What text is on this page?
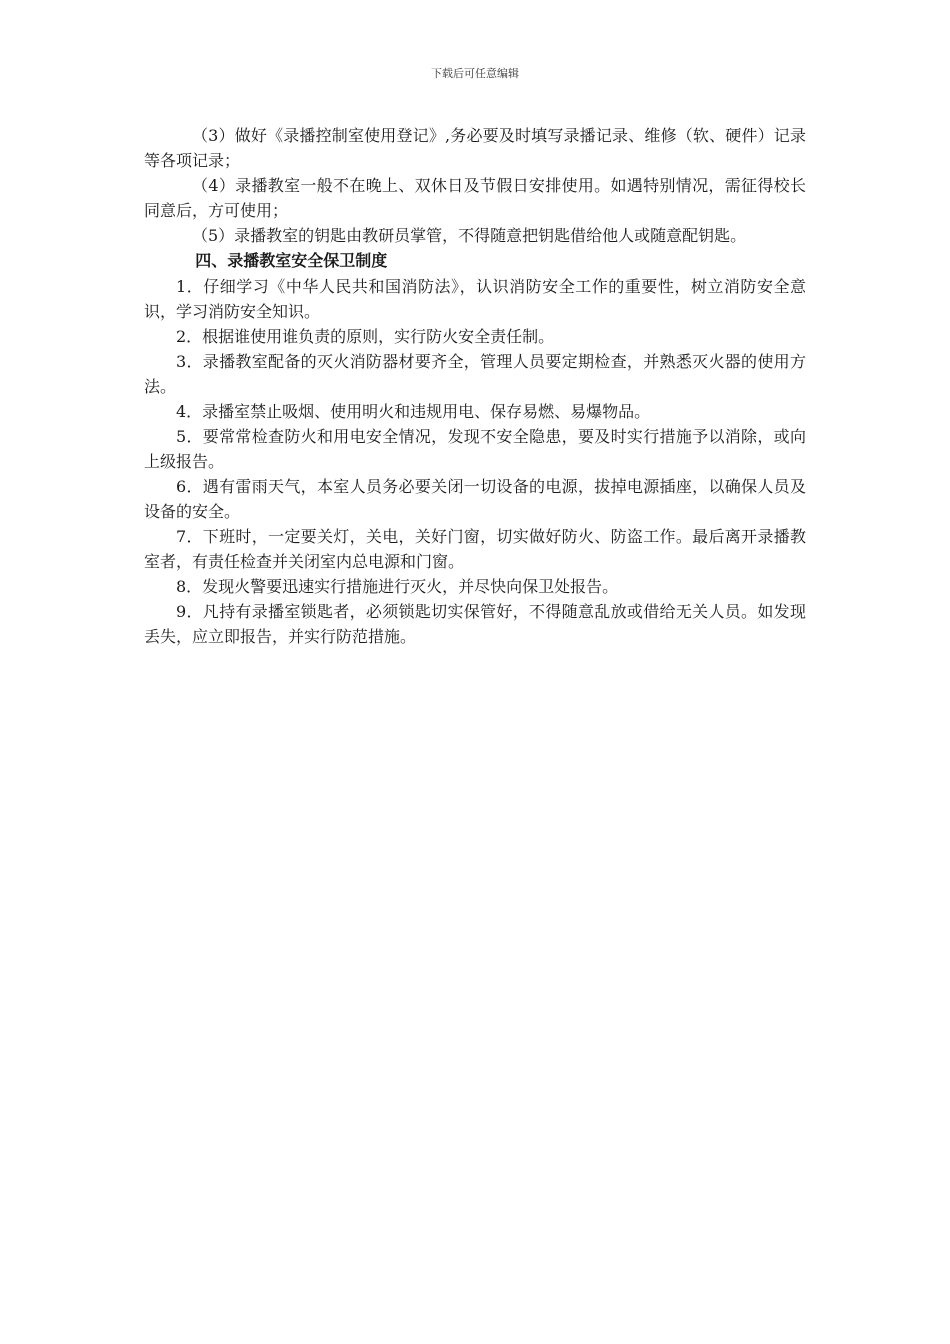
下载后可任意编辑

（3）做好《录播控制室使用登记》,务必要及时填写录播记录、维修（软、硬件）记录等各项记录；

（4）录播教室一般不在晚上、双休日及节假日安排使用。如遇特别情况，需征得校长同意后，方可使用；

（5）录播教室的钥匙由教研员掌管，不得随意把钥匙借给他人或随意配钥匙。

四、录播教室安全保卫制度

1．仔细学习《中华人民共和国消防法》，认识消防安全工作的重要性，树立消防安全意识，学习消防安全知识。

2．根据谁使用谁负责的原则，实行防火安全责任制。

3．录播教室配备的灭火消防器材要齐全，管理人员要定期检查，并熟悉灭火器的使用方法。

4．录播室禁止吸烟、使用明火和违规用电、保存易燃、易爆物品。

5．要常常检查防火和用电安全情况，发现不安全隐患，要及时实行措施予以消除，或向上级报告。

6．遇有雷雨天气，本室人员务必要关闭一切设备的电源，拔掉电源插座，以确保人员及设备的安全。

7．下班时，一定要关灯，关电，关好门窗，切实做好防火、防盗工作。最后离开录播教室者，有责任检查并关闭室内总电源和门窗。

8．发现火警要迅速实行措施进行灭火，并尽快向保卫处报告。

9．凡持有录播室锁匙者，必须锁匙切实保管好，不得随意乱放或借给无关人员。如发现丢失，应立即报告，并实行防范措施。
